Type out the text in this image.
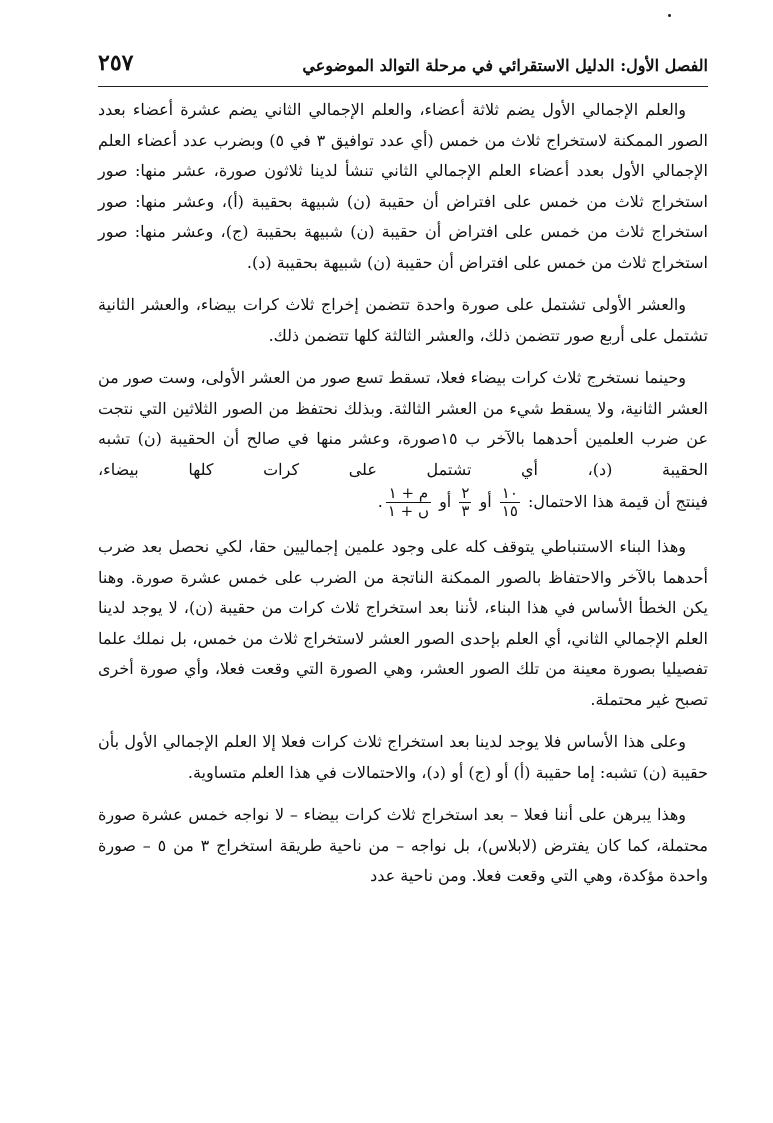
الفصل الأول: الدليل الاستقرائي في مرحلة التوالد الموضوعي
٢٥٧

والعلم الإجمالي الأول يضم ثلاثة أعضاء، والعلم الإجمالي الثاني يضم عشرة أعضاء بعدد الصور الممكنة لاستخراج ثلاث من خمس (أي عدد توافيق ٣ في ٥) وبضرب عدد أعضاء العلم الإجمالي الأول بعدد أعضاء العلم الإجمالي الثاني تنشأ لدينا ثلاثون صورة، عشر منها: صور استخراج ثلاث من خمس على افتراض أن حقيبة (ن) شبيهة بحقيبة (أ)، وعشر منها: صور استخراج ثلاث من خمس على افتراض أن حقيبة (ن) شبيهة بحقيبة (ج)، وعشر منها: صور استخراج ثلاث من خمس على افتراض أن حقيبة (ن) شبيهة بحقيبة (د).

والعشر الأولى تشتمل على صورة واحدة تتضمن إخراج ثلاث كرات بيضاء، والعشر الثانية تشتمل على أربع صور تتضمن ذلك، والعشر الثالثة كلها تتضمن ذلك.

وحينما نستخرج ثلاث كرات بيضاء فعلا، تسقط تسع صور من العشر الأولى، وست صور من العشر الثانية، ولا يسقط شيء من العشر الثالثة. وبذلك نحتفظ من الصور الثلاثين التي نتجت عن ضرب العلمين أحدهما بالآخر ب ١٥صورة، وعشر منها في صالح أن الحقيبة (ن) تشبه الحقيبة (د)، أي تشتمل على كرات كلها بيضاء، فينتج أن قيمة هذا الاحتمال:
$\frac{١٠}{١٥}$
أو
$\frac{٢}{٣}$
أو
$\frac{\text{م + ١}}{\text{ں + ١}}$
.

وهذا البناء الاستنباطي يتوقف كله على وجود علمين إجماليين حقا، لكي نحصل بعد ضرب أحدهما بالآخر والاحتفاظ بالصور الممكنة الناتجة من الضرب على خمس عشرة صورة. وهنا يكن الخطأ الأساس في هذا البناء، لأننا بعد استخراج ثلاث كرات من حقيبة (ن)، لا يوجد لدينا العلم الإجمالي الثاني، أي العلم بإحدى الصور العشر لاستخراج ثلاث من خمس، بل نملك علما تفصيليا بصورة معينة من تلك الصور العشر، وهي الصورة التي وقعت فعلا، وأي صورة أخرى تصبح غير محتملة.

وعلى هذا الأساس فلا يوجد لدينا بعد استخراج ثلاث كرات فعلا إلا العلم الإجمالي الأول بأن حقيبة (ن) تشبه: إما حقيبة (أ) أو (ج) أو (د)، والاحتمالات في هذا العلم متساوية.

وهذا يبرهن على أننا فعلا – بعد استخراج ثلاث كرات بيضاء – لا نواجه خمس عشرة صورة محتملة، كما كان يفترض (لابلاس)، بل نواجه – من ناحية طريقة استخراج ٣ من ٥ – صورة واحدة مؤكدة، وهي التي وقعت فعلا. ومن ناحية عدد
